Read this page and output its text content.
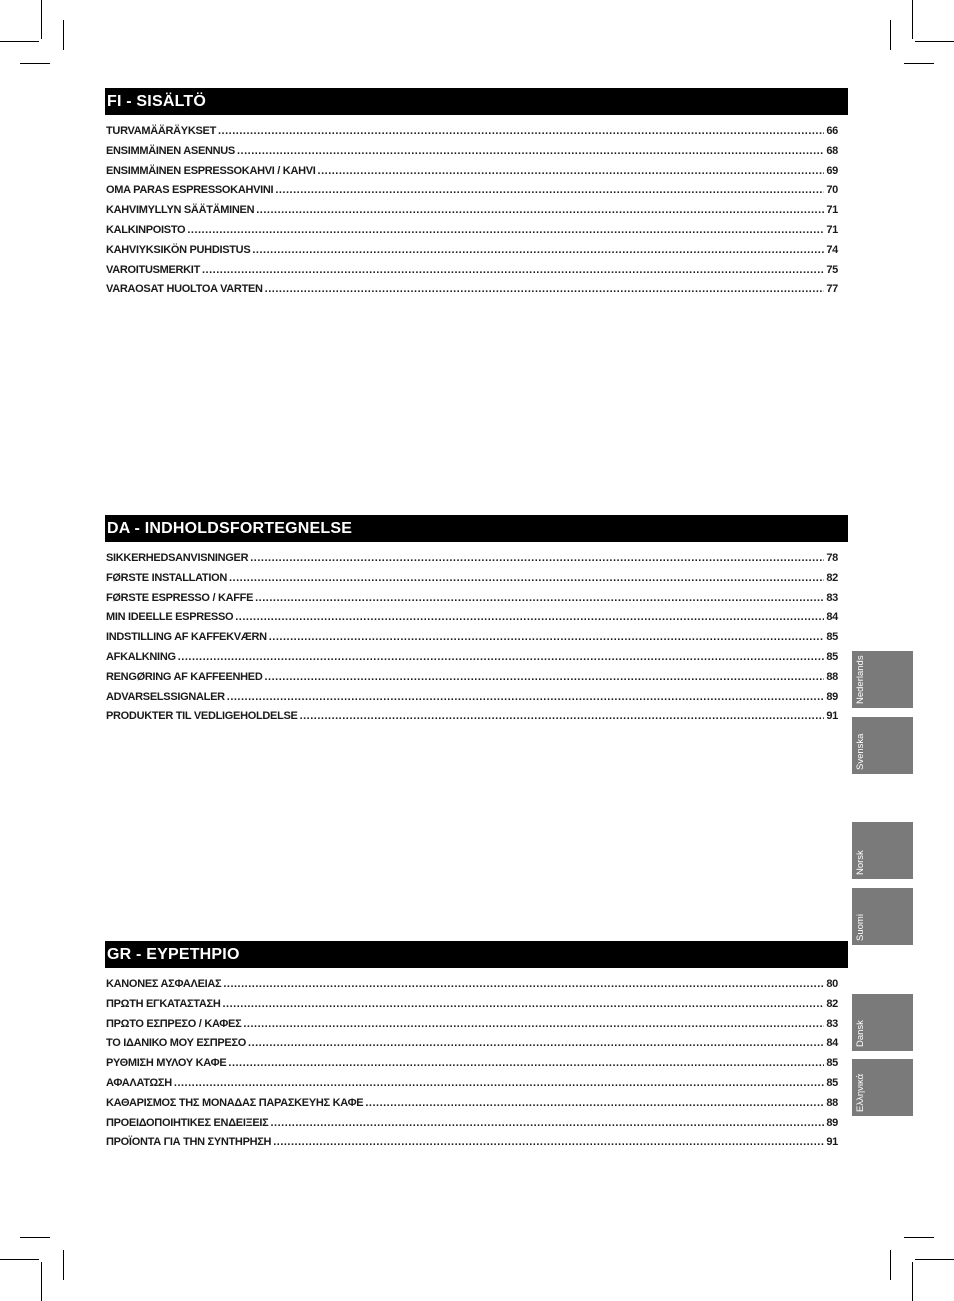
FI - SISÄLTÖ
TURVAMÄÄRÄYKSET .....	66
ENSIMMÄINEN ASENNUS .....	68
ENSIMMÄINEN ESPRESSOKAHVI / KAHVI .....	69
OMA PARAS ESPRESSOKAHVINI .....	70
KAHVIMYLLYN SÄÄTÄMINEN .....	71
KALKINPOISTO .....	71
KAHVIYKSIKÖN PUHDISTUS .....	74
VAROITUSMERKIT .....	75
VARAOSAT HUOLTOA VARTEN .....	77
DA - INDHOLDSFORTEGNELSE
SIKKERHEDSANVISNINGER .....	78
FØRSTE INSTALLATION .....	82
FØRSTE ESPRESSO / KAFFE .....	83
MIN IDEELLE ESPRESSO .....	84
INDSTILLING AF KAFFEKVÆRN .....	85
AFKALKNING .....	85
RENGØRING AF KAFFEENHED .....	88
ADVARSELSSIGNALER .....	89
PRODUKTER TIL VEDLIGEHOLDELSE .....	91
GR - ΕΥΡΕΤΗΡΙΟ
ΚΑΝΟΝΕΣ ΑΣΦΑΛΕΙΑΣ .....	80
ΠΡΩΤΗ ΕΓΚΑΤΑΣΤΑΣΗ .....	82
ΠΡΩΤΟ ΕΣΠΡΕΣΟ / ΚΑΦΕΣ .....	83
ΤΟ ΙΔΑΝΙΚΟ ΜΟΥ ΕΣΠΡΕΣΟ .....	84
ΡΥΘΜΙΣΗ ΜΥΛΟΥ ΚΑΦΕ .....	85
ΑΦΑΛΑΤΩΣΗ .....	85
ΚΑΘΑΡΙΣΜΟΣ ΤΗΣ ΜΟΝΑΔΑΣ ΠΑΡΑΣΚΕΥΗΣ ΚΑΦΕ .....	88
ΠΡΟΕΙΔΟΠΟΙΗΤΙΚΕΣ ΕΝΔΕΙΞΕΙΣ .....	89
ΠΡΟΪΟΝΤΑ ΓΙΑ ΤΗΝ ΣΥΝΤΗΡΗΣΗ .....	91
Nederlands
Svenska
Norsk
Suomi
Dansk
Ελληνικά
